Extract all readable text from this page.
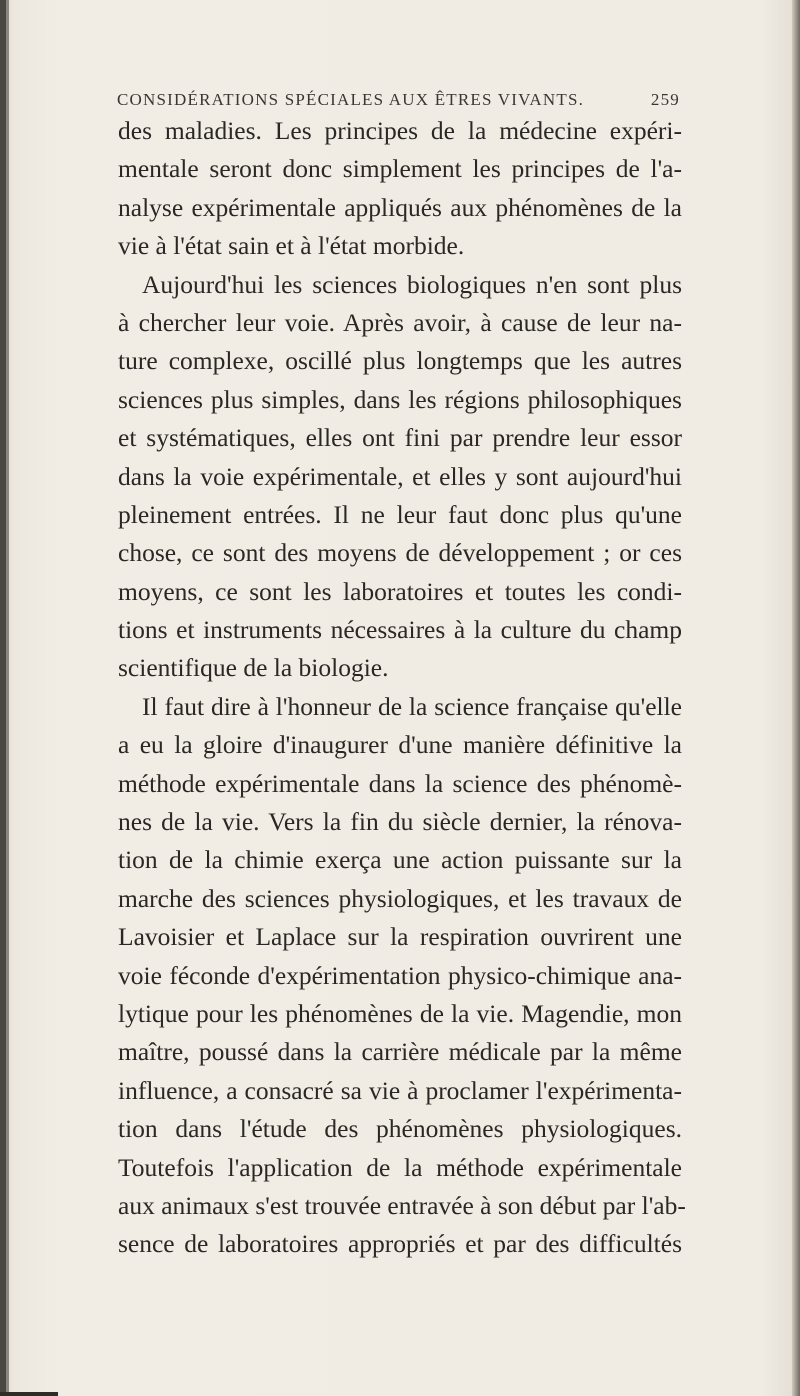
CONSIDÉRATIONS SPÉCIALES AUX ÊTRES VIVANTS.	259
des maladies. Les principes de la médecine expéri-
mentale seront donc simplement les principes de l'a-
nalyse expérimentale appliqués aux phénomènes de la
vie à l'état sain et à l'état morbide.
Aujourd'hui les sciences biologiques n'en sont plus
à chercher leur voie. Après avoir, à cause de leur na-
ture complexe, oscillé plus longtemps que les autres
sciences plus simples, dans les régions philosophiques
et systématiques, elles ont fini par prendre leur essor
dans la voie expérimentale, et elles y sont aujourd'hui
pleinement entrées. Il ne leur faut donc plus qu'une
chose, ce sont des moyens de développement ; or ces
moyens, ce sont les laboratoires et toutes les condi-
tions et instruments nécessaires à la culture du champ
scientifique de la biologie.
Il faut dire à l'honneur de la science française qu'elle
a eu la gloire d'inaugurer d'une manière définitive la
méthode expérimentale dans la science des phénomè-
nes de la vie. Vers la fin du siècle dernier, la rénova-
tion de la chimie exerça une action puissante sur la
marche des sciences physiologiques, et les travaux de
Lavoisier et Laplace sur la respiration ouvrirent une
voie féconde d'expérimentation physico-chimique ana-
lytique pour les phénomènes de la vie. Magendie, mon
maître, poussé dans la carrière médicale par la même
influence, a consacré sa vie à proclamer l'expérimenta-
tion dans l'étude des phénomènes physiologiques.
Toutefois l'application de la méthode expérimentale
aux animaux s'est trouvée entravée à son début par l'ab-
sence de laboratoires appropriés et par des difficultés
